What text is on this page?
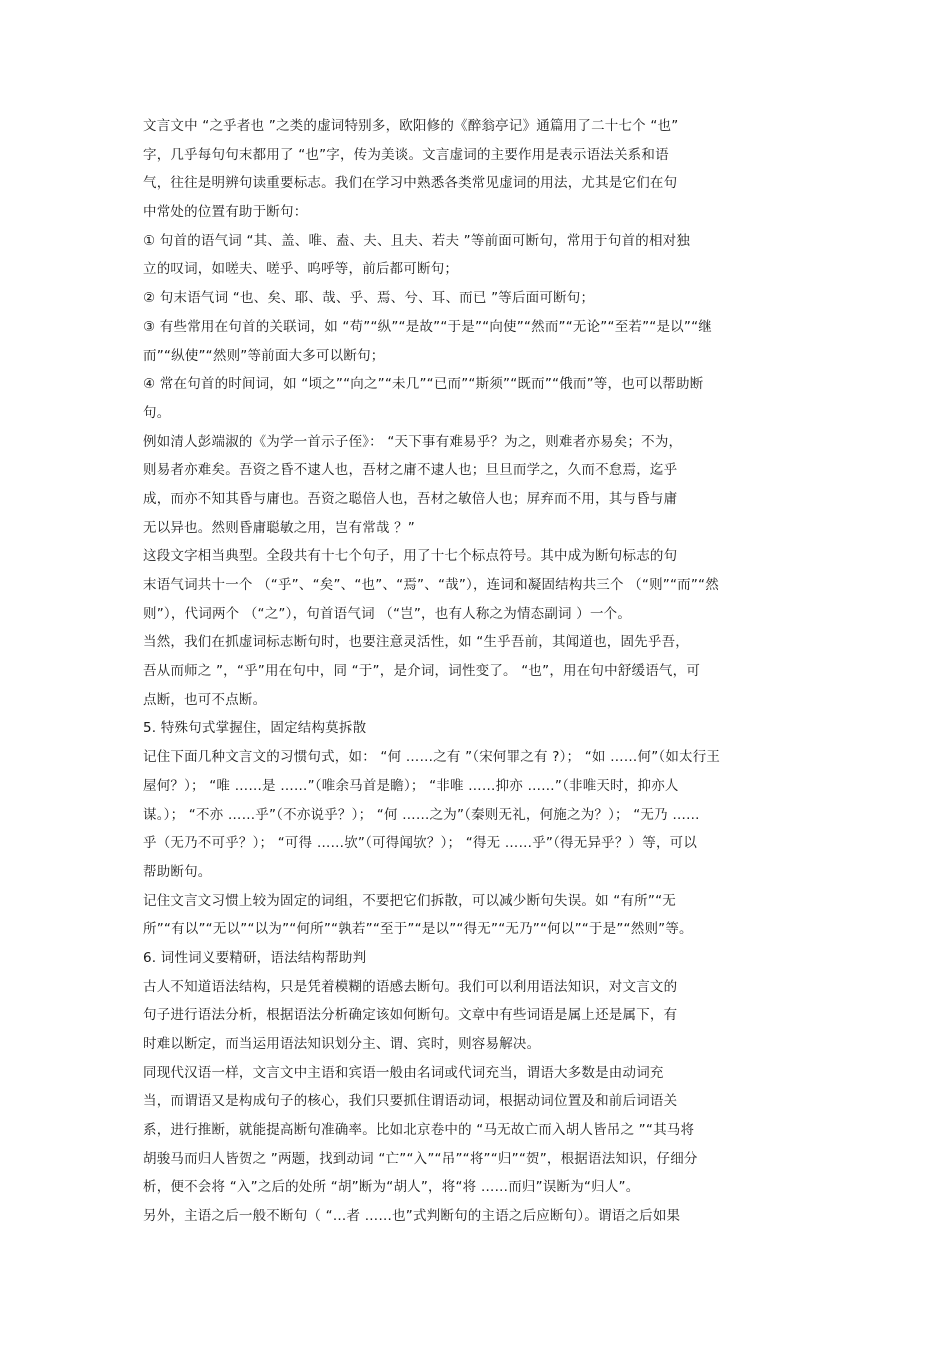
文言文中 “之乎者也 ”之类的虚词特别多，欧阳修的《醉翁亭记》通篇用了二十七个 “也”
字，几乎每句句末都用了 “也”字，传为美谈。文言虚词的主要作用是表示语法关系和语
气，往往是明辨句读重要标志。我们在学习中熟悉各类常见虚词的用法，尤其是它们在句
中常处的位置有助于断句：
① 句首的语气词 “其、盖、唯、盍、夫、且夫、若夫 ”等前面可断句，常用于句首的相对独
立的叹词，如嗟夫、嗟乎、呜呼等，前后都可断句；
② 句末语气词 “也、矣、耶、哉、乎、焉、兮、耳、而已 ”等后面可断句；
③ 有些常用在句首的关联词，如 “苟”“纵”“是故”“于是”“向使”“然而”“无论”“至若”“是以”“继
而”“纵使”“然则”等前面大多可以断句；
④ 常在句首的时间词，如 “顷之”“向之”“未几”“已而”“斯须”“既而”“俄而”等，也可以帮助断
句。
例如清人彭端淑的《为学一首示子侄》： “天下事有难易乎？为之，则难者亦易矣；不为，
则易者亦难矣。吾资之昏不逮人也，吾材之庸不逮人也；旦旦而学之，久而不怠焉，迄乎
成，而亦不知其昏与庸也。吾资之聪倍人也，吾材之敏倍人也；屏弃而不用，其与昏与庸
无以异也。然则昏庸聪敏之用，岂有常哉 ？”
这段文字相当典型。全段共有十七个句子，用了十七个标点符号。其中成为断句标志的句
末语气词共十一个 （“乎”、“矣”、“也”、“焉”、“哉”），连词和凝固结构共三个 （“则”“而”“然
则”），代词两个 （“之”），句首语气词 （“岂”，也有人称之为情态副词 ）一个。
当然，我们在抓虚词标志断句时，也要注意灵活性，如 “生乎吾前，其闻道也，固先乎吾，
吾从而师之 ”，“乎”用在句中，同 “于”，是介词，词性变了。 “也”，用在句中舒缓语气，可
点断，也可不点断。
5. 特殊句式掌握住，固定结构莫拆散
记住下面几种文言文的习惯句式，如： “何 ……之有 ”（宋何罪之有 ?）； “如 ……何”（如太行王
屋何？）； “唯 ……是 ……”（唯余马首是瞻）； “非唯 ……抑亦 ……”（非唯天时，抑亦人
谋。）； “不亦 ……乎”（不亦说乎？）； “何 ……之为”（秦则无礼，何施之为？）； “无乃 ……
乎（无乃不可乎？）； “可得 ……欤”（可得闻欤？）； “得无 ……乎”（得无异乎？）等，可以
帮助断句。
记住文言文习惯上较为固定的词组，不要把它们拆散，可以减少断句失误。如 “有所”“无
所”“有以”“无以”“以为”“何所”“孰若”“至于”“是以”“得无”“无乃”“何以”“于是”“然则”等。
6. 词性词义要精研，语法结构帮助判
古人不知道语法结构，只是凭着模糊的语感去断句。我们可以利用语法知识，对文言文的
句子进行语法分析，根据语法分析确定该如何断句。文章中有些词语是属上还是属下，有
时难以断定，而当运用语法知识划分主、谓、宾时，则容易解决。
同现代汉语一样，文言文中主语和宾语一般由名词或代词充当，谓语大多数是由动词充
当，而谓语又是构成句子的核心，我们只要抓住谓语动词，根据动词位置及和前后词语关
系，进行推断，就能提高断句准确率。比如北京卷中的 “马无故亡而入胡人皆吊之 ”“其马将
胡骏马而归人皆贺之 ”两题，找到动词 “亡”“入”“吊”“将”“归”“贺”，根据语法知识，仔细分
析，便不会将 “入”之后的处所 “胡”断为“胡人”，将“将 ……而归”误断为“归人”。
另外，主语之后一般不断句（ “…者 ……也”式判断句的主语之后应断句）。谓语之后如果
